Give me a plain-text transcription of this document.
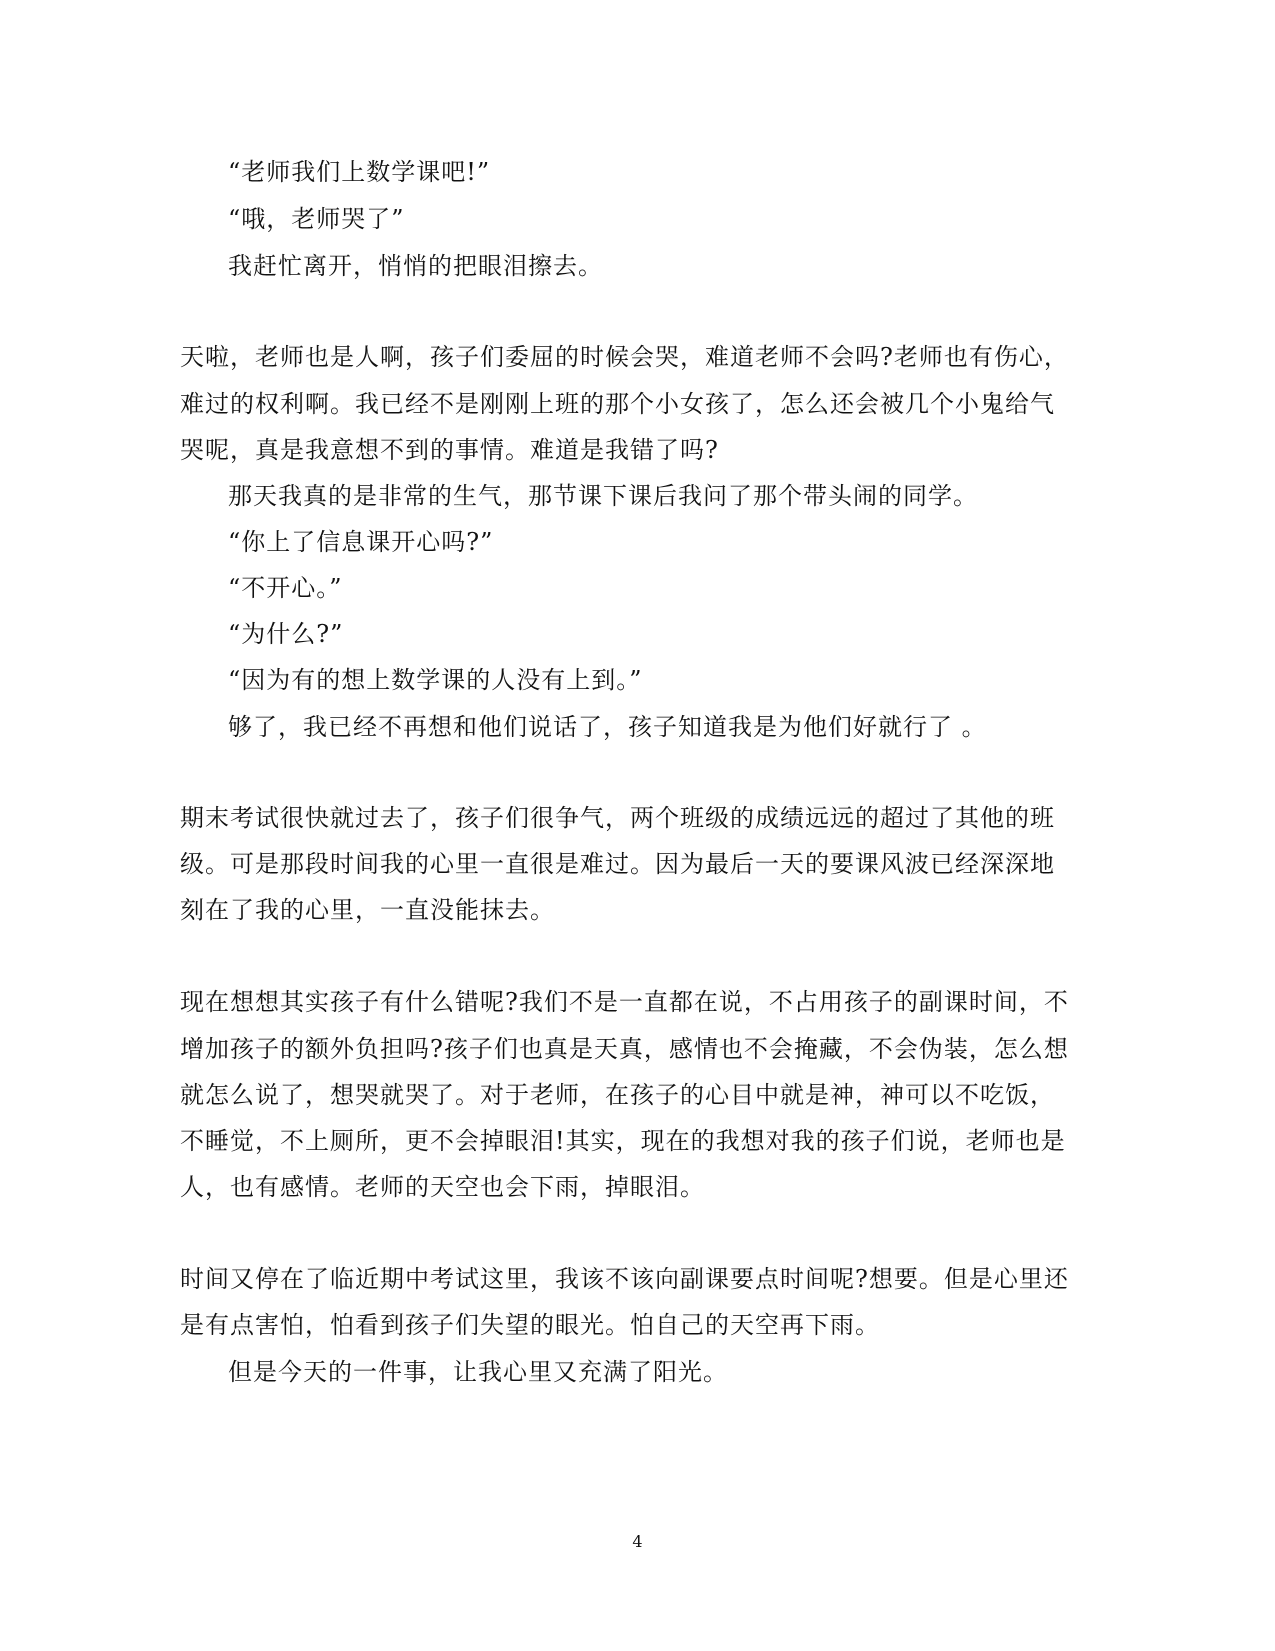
“老师我们上数学课吧!”
“哦，老师哭了”
我赶忙离开，悄悄的把眼泪擦去。
天啦，老师也是人啊，孩子们委屈的时候会哭，难道老师不会吗?老师也有伤心，
难过的权利啊。我已经不是刚刚上班的那个小女孩了，怎么还会被几个小鬼给气
哭呢，真是我意想不到的事情。难道是我错了吗?
那天我真的是非常的生气，那节课下课后我问了那个带头闹的同学。
“你上了信息课开心吗?”
“不开心。”
“为什么?”
“因为有的想上数学课的人没有上到。”
够了，我已经不再想和他们说话了，孩子知道我是为他们好就行了 。
期末考试很快就过去了，孩子们很争气，两个班级的成绩远远的超过了其他的班
级。可是那段时间我的心里一直很是难过。因为最后一天的要课风波已经深深地
刻在了我的心里，一直没能抹去。
现在想想其实孩子有什么错呢?我们不是一直都在说，不占用孩子的副课时间，不
增加孩子的额外负担吗?孩子们也真是天真，感情也不会掩藏，不会伪装，怎么想
就怎么说了，想哭就哭了。对于老师，在孩子的心目中就是神，神可以不吃饭，
不睡觉，不上厕所，更不会掉眼泪!其实，现在的我想对我的孩子们说，老师也是
人，也有感情。老师的天空也会下雨，掉眼泪。
时间又停在了临近期中考试这里，我该不该向副课要点时间呢?想要。但是心里还
是有点害怕，怕看到孩子们失望的眼光。怕自己的天空再下雨。
但是今天的一件事，让我心里又充满了阳光。
4
